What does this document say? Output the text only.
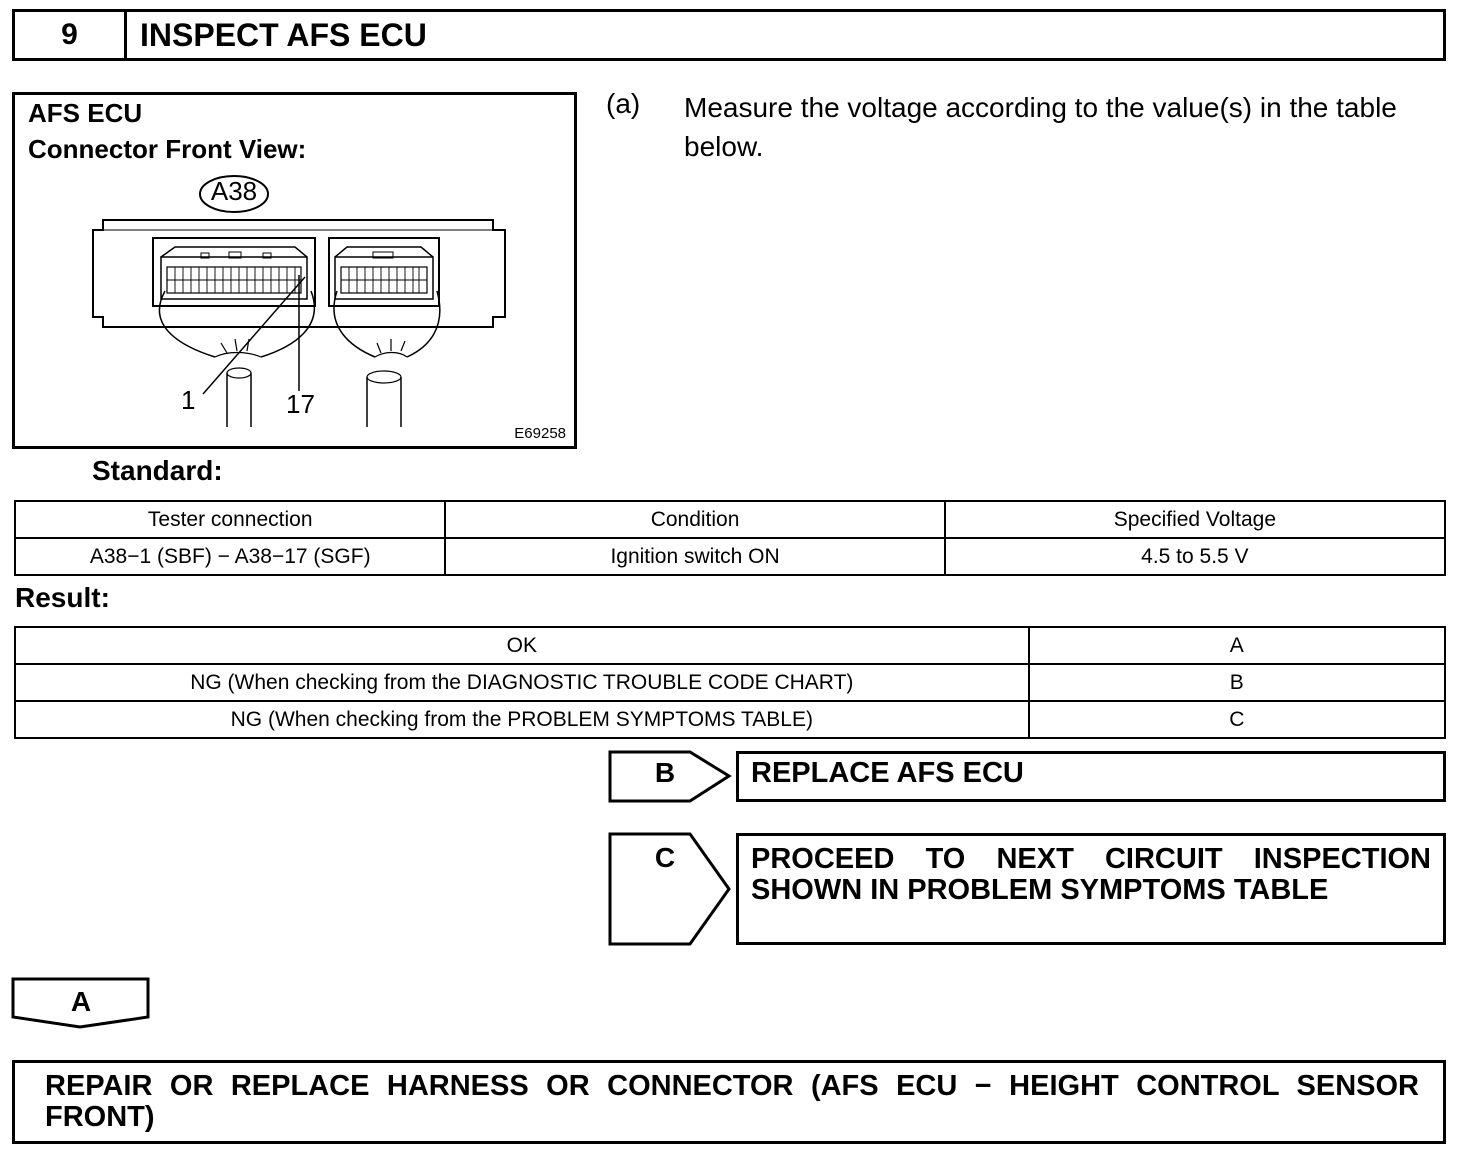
9	INSPECT AFS ECU
AFS ECU
Connector Front View:
A38
1	17
E69258
(a) Measure the voltage according to the value(s) in the table below.
Standard:
Tester connection	Condition	Specified Voltage
A38−1 (SBF) − A38−17 (SGF)	Ignition switch ON	4.5 to 5.5 V
Result:
OK	A
NG (When checking from the DIAGNOSTIC TROUBLE CODE CHART)	B
NG (When checking from the PROBLEM SYMPTOMS TABLE)	C
B	REPLACE AFS ECU
C	PROCEED TO NEXT CIRCUIT INSPECTION SHOWN IN PROBLEM SYMPTOMS TABLE
A
REPAIR OR REPLACE HARNESS OR CONNECTOR (AFS ECU − HEIGHT CONTROL SENSOR FRONT)
